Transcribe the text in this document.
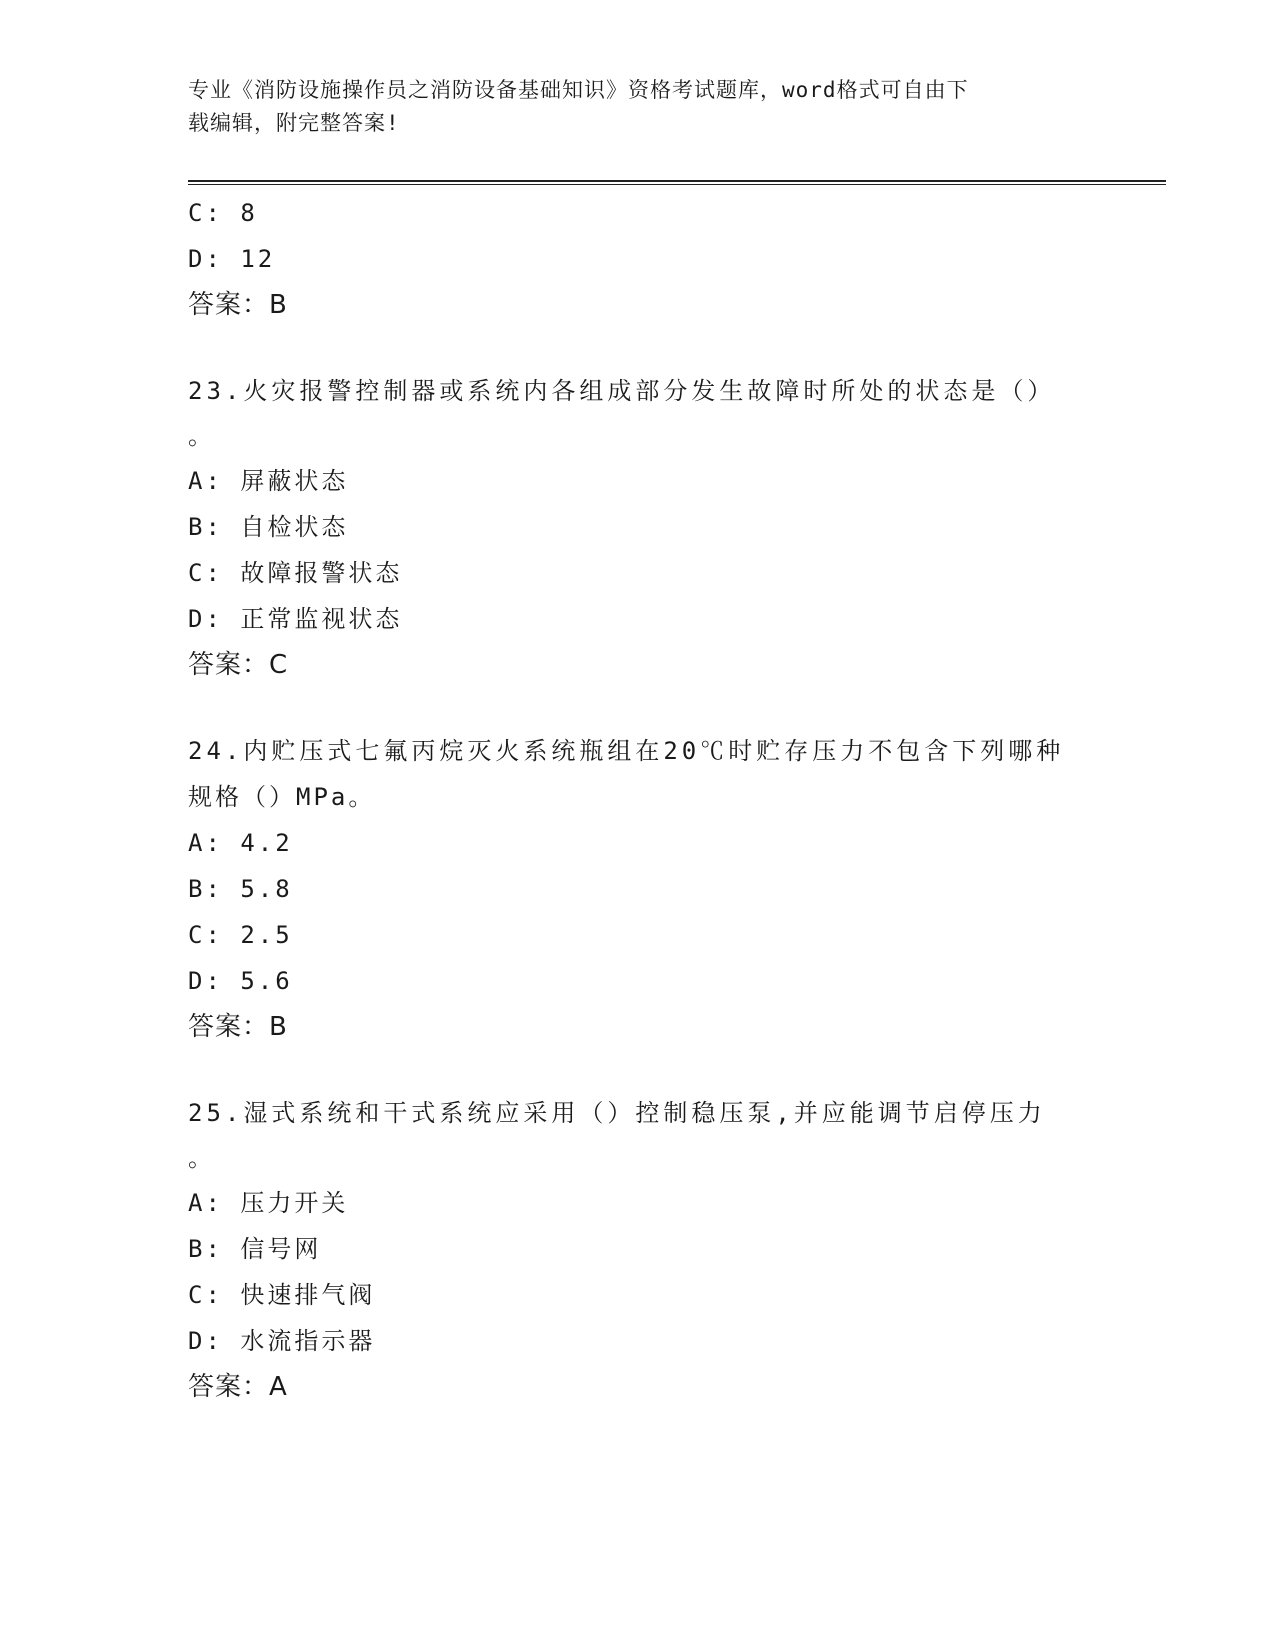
专业《消防设施操作员之消防设备基础知识》资格考试题库，word格式可自由下
载编辑，附完整答案!
C: 8
D: 12
答案：B
23.火灾报警控制器或系统内各组成部分发生故障时所处的状态是（）
。
A: 屏蔽状态
B: 自检状态
C: 故障报警状态
D: 正常监视状态
答案：C
24.内贮压式七氟丙烷灭火系统瓶组在20℃时贮存压力不包含下列哪种
规格（）MPa。
A: 4.2
B: 5.8
C: 2.5
D: 5.6
答案：B
25.湿式系统和干式系统应采用（）控制稳压泵,并应能调节启停压力
。
A: 压力开关
B: 信号网
C: 快速排气阀
D: 水流指示器
答案：A
